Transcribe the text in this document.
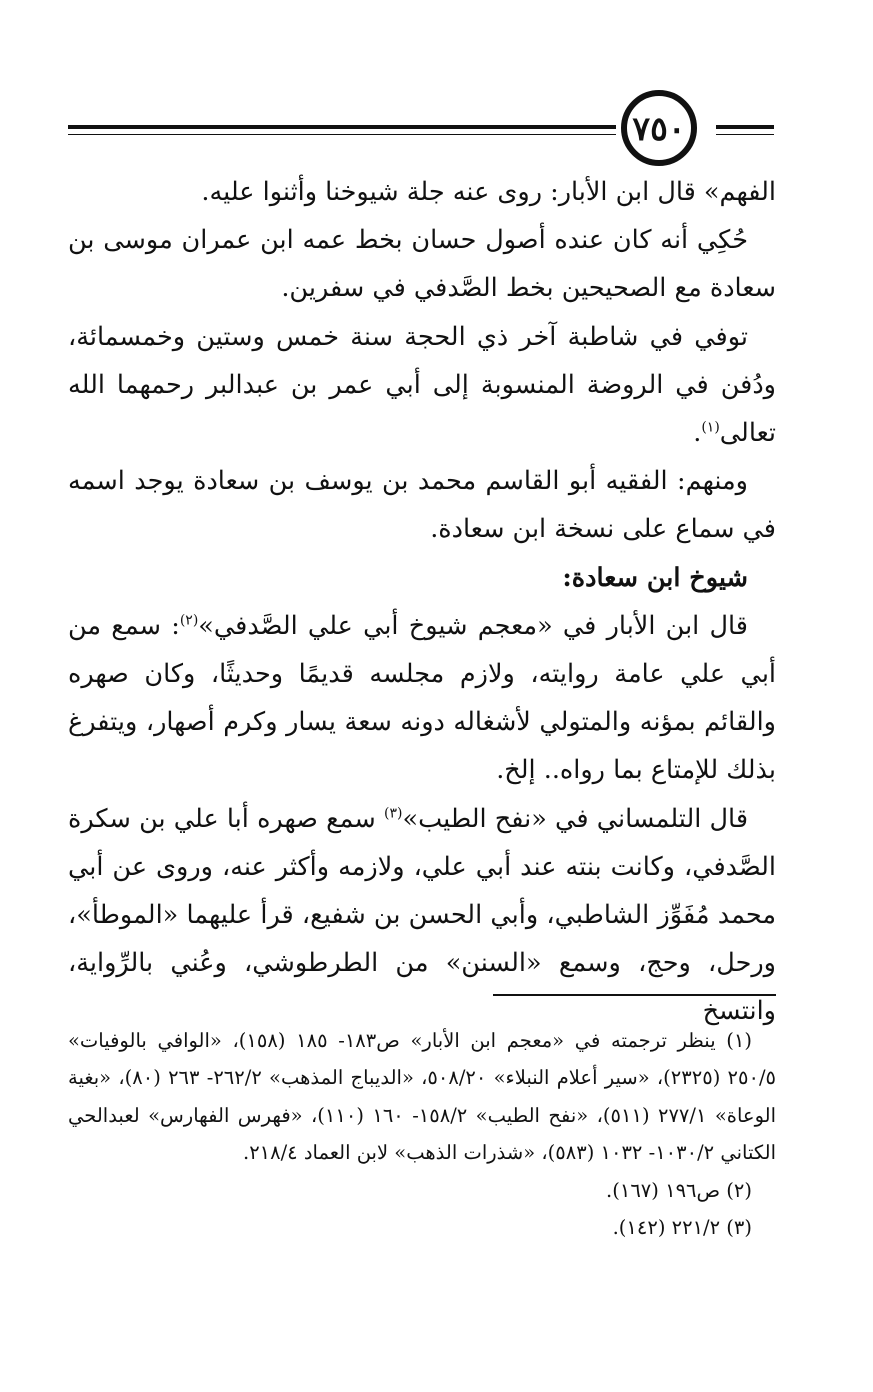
٧٥٠

الفهم» قال ابن الأبار: روى عنه جلة شيوخنا وأثنوا عليه.

حُكِي أنه كان عنده أصول حسان بخط عمه ابن عمران موسى بن سعادة مع الصحيحين بخط الصَّدفي في سفرين.

توفي في شاطبة آخر ذي الحجة سنة خمس وستين وخمسمائة، ودُفن في الروضة المنسوبة إلى أبي عمر بن عبدالبر رحمهما الله تعالى$^{(١)}$.

ومنهم: الفقيه أبو القاسم محمد بن يوسف بن سعادة يوجد اسمه في سماع على نسخة ابن سعادة.

شيوخ ابن سعادة:

قال ابن الأبار في «معجم شيوخ أبي علي الصَّدفي»$^{(٢)}$: سمع من أبي علي عامة روايته، ولازم مجلسه قديمًا وحديثًا، وكان صهره والقائم بمؤنه والمتولي لأشغاله دونه سعة يسار وكرم أصهار، ويتفرغ بذلك للإمتاع بما رواه.. إلخ.

قال التلمساني في «نفح الطيب»$^{(٣)}$ سمع صهره أبا علي بن سكرة الصَّدفي، وكانت بنته عند أبي علي، ولازمه وأكثر عنه، وروى عن أبي محمد مُفَوِّز الشاطبي، وأبي الحسن بن شفيع، قرأ عليهما «الموطأ»، ورحل، وحج، وسمع «السنن» من الطرطوشي، وعُني بالرِّواية، وانتسخ

(١) ينظر ترجمته في «معجم ابن الأبار» ص١٨٣- ١٨٥ (١٥٨)، «الوافي بالوفيات» ٢٥٠/٥ (٢٣٢٥)، «سير أعلام النبلاء» ٥٠٨/٢٠، «الديباج المذهب» ٢٦٢/٢- ٢٦٣ (٨٠)، «بغية الوعاة» ٢٧٧/١ (٥١١)، «نفح الطيب» ١٥٨/٢- ١٦٠ (١١٠)، «فهرس الفهارس» لعبدالحي الكتاني ١٠٣٠/٢- ١٠٣٢ (٥٨٣)، «شذرات الذهب» لابن العماد ٢١٨/٤.

(٢) ص١٩٦ (١٦٧).

(٣) ٢٢١/٢ (١٤٢).
